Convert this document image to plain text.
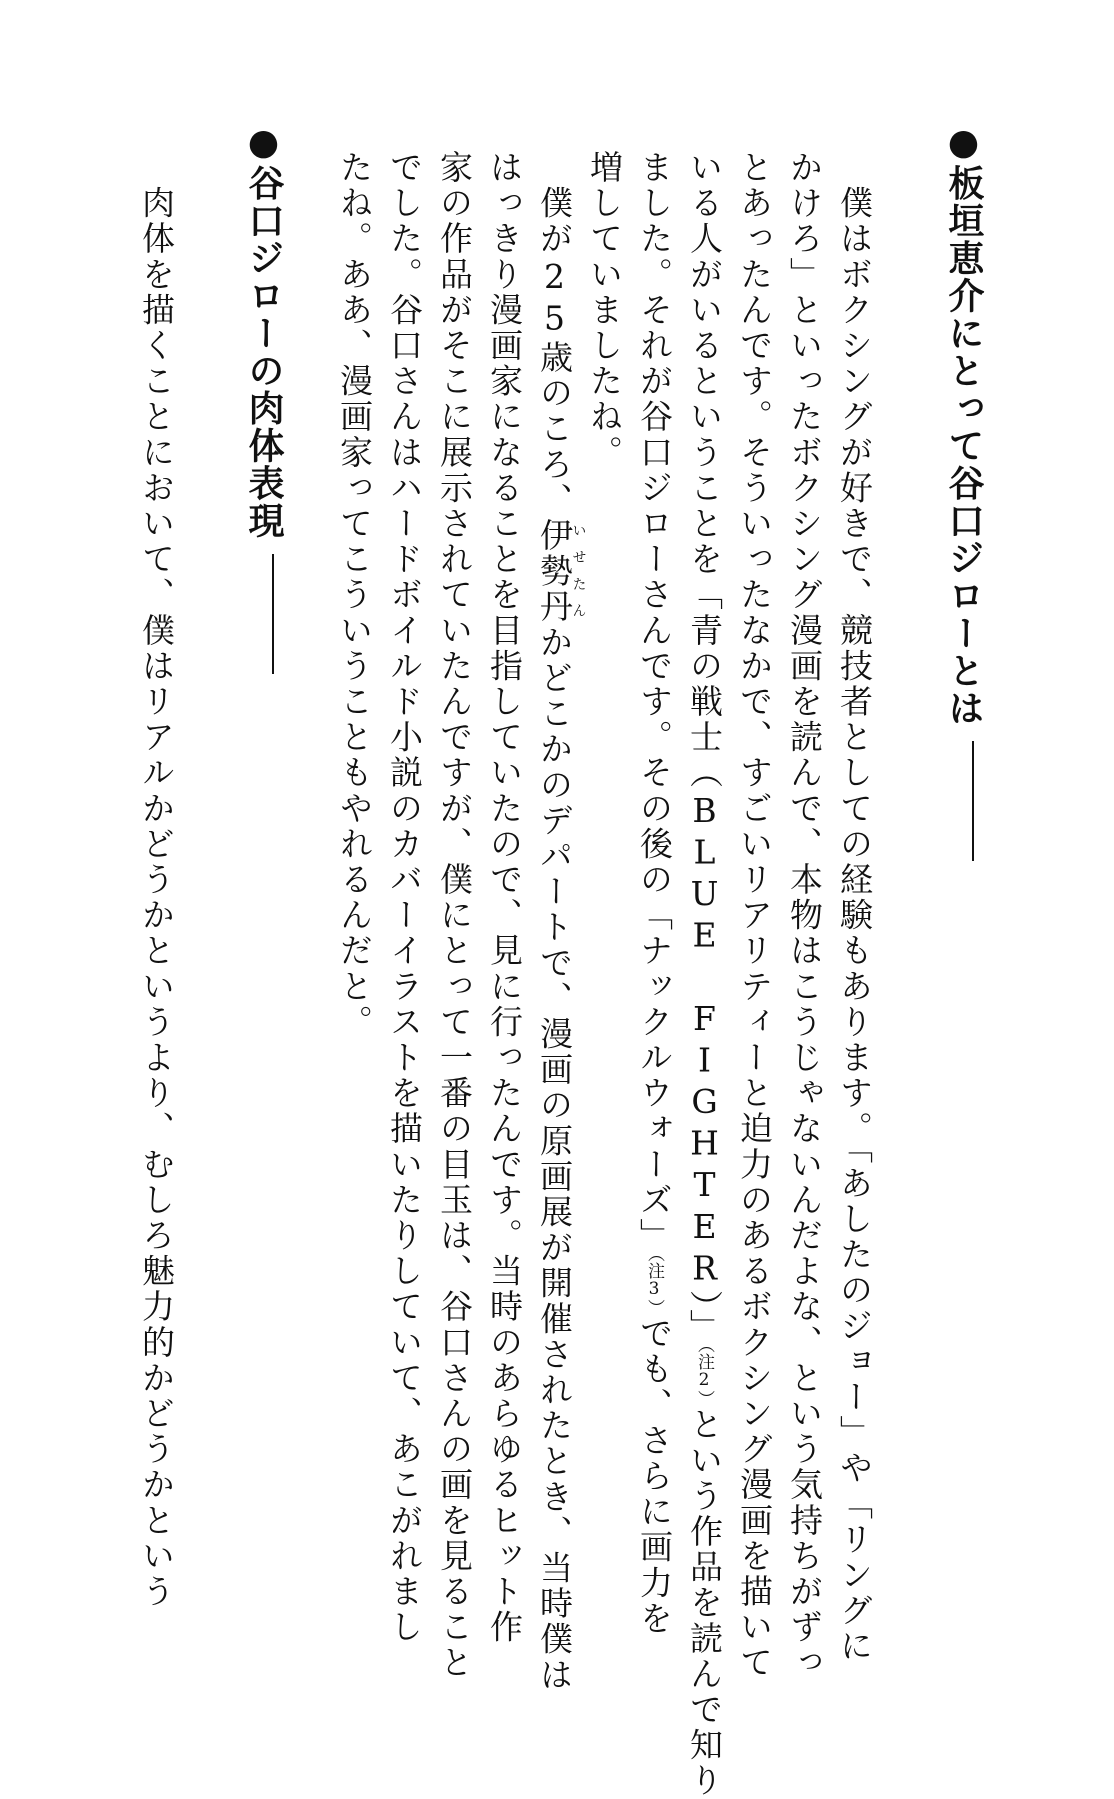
●板垣恵介にとって谷口ジローとは
　僕はボクシングが好きで、競技者としての経験もあります。「あしたのジョー」や「リングに
かけろ」といったボクシング漫画を読んで、本物はこうじゃないんだよな、という気持ちがずっ
とあったんです。そういったなかで、すごいリアリティーと迫力のあるボクシング漫画を描いて
いる人がいるということを「青の戦士（BLUE FIGHTER）」（注2）という作品を読んで知り
ました。それが谷口ジローさんです。その後の「ナックルウォーズ」（注3）でも、さらに画力を
増していましたね。
　僕が25歳のころ、伊勢丹いせたんかどこかのデパートで、漫画の原画展が開催されたとき、当時僕は
はっきり漫画家になることを目指していたので、見に行ったんです。当時のあらゆるヒット作
家の作品がそこに展示されていたんですが、僕にとって一番の目玉は、谷口さんの画を見ること
でした。谷口さんはハードボイルド小説のカバーイラストを描いたりしていて、あこがれまし
たね。ああ、漫画家ってこういうこともやれるんだと。
●谷口ジローの肉体表現
　肉体を描くことにおいて、僕はリアルかどうかというより、むしろ魅力的かどうかという
